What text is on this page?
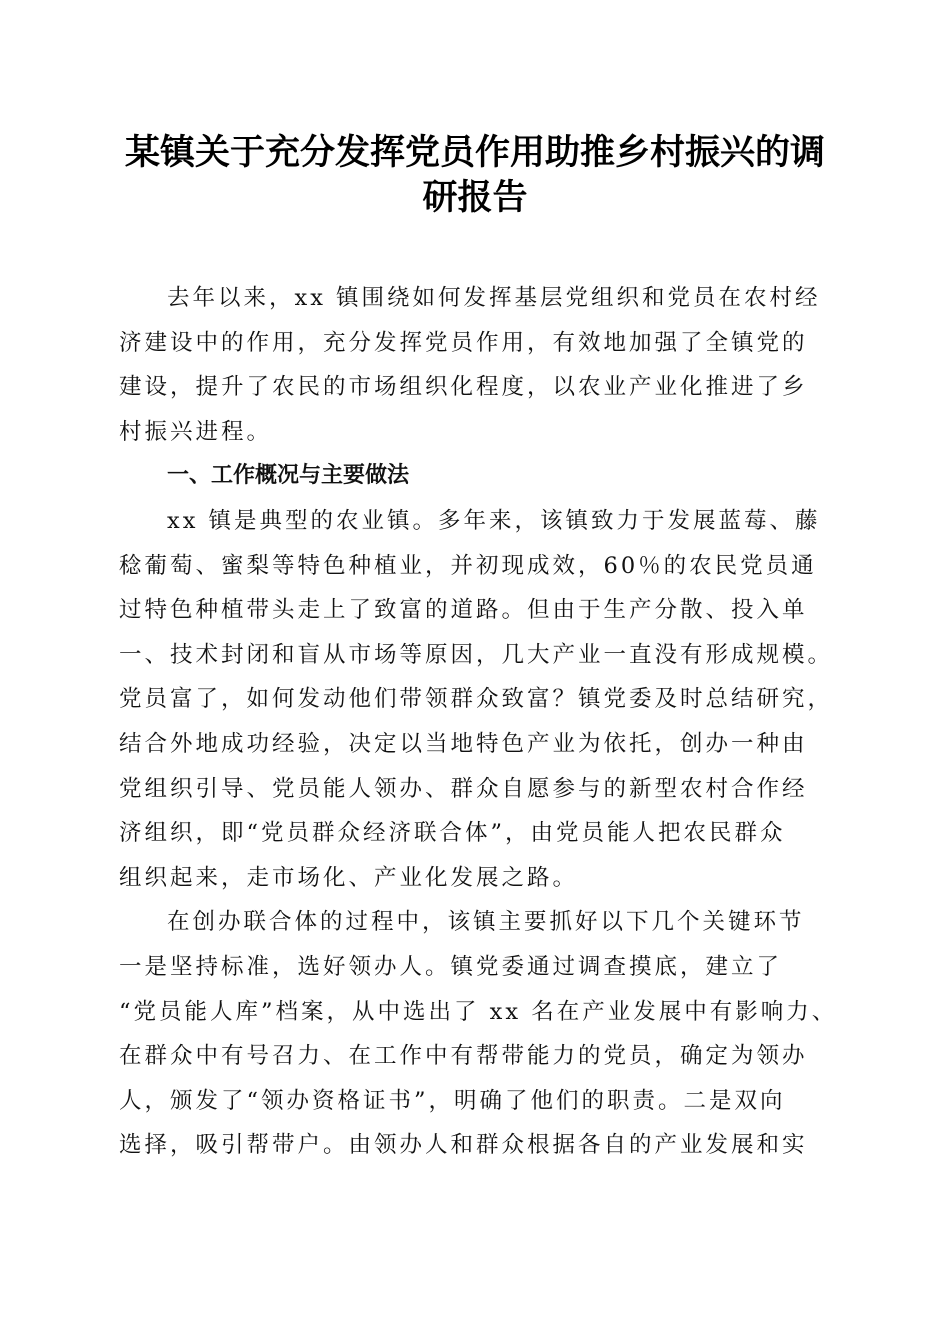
某镇关于充分发挥党员作用助推乡村振兴的调
研报告
去年以来，xx 镇围绕如何发挥基层党组织和党员在农村经
济建设中的作用，充分发挥党员作用，有效地加强了全镇党的
建设，提升了农民的市场组织化程度，以农业产业化推进了乡
村振兴进程。
一、工作概况与主要做法
xx 镇是典型的农业镇。多年来，该镇致力于发展蓝莓、藤
稔葡萄、蜜梨等特色种植业，并初现成效，60％的农民党员通
过特色种植带头走上了致富的道路。但由于生产分散、投入单
一、技术封闭和盲从市场等原因，几大产业一直没有形成规模。
党员富了，如何发动他们带领群众致富？镇党委及时总结研究，
结合外地成功经验，决定以当地特色产业为依托，创办一种由
党组织引导、党员能人领办、群众自愿参与的新型农村合作经
济组织，即“党员群众经济联合体”，由党员能人把农民群众
组织起来，走市场化、产业化发展之路。
在创办联合体的过程中，该镇主要抓好以下几个关键环节
一是坚持标准，选好领办人。镇党委通过调查摸底，建立了
“党员能人库”档案，从中选出了 xx 名在产业发展中有影响力、
在群众中有号召力、在工作中有帮带能力的党员，确定为领办
人，颁发了“领办资格证书”，明确了他们的职责。二是双向
选择，吸引帮带户。由领办人和群众根据各自的产业发展和实
